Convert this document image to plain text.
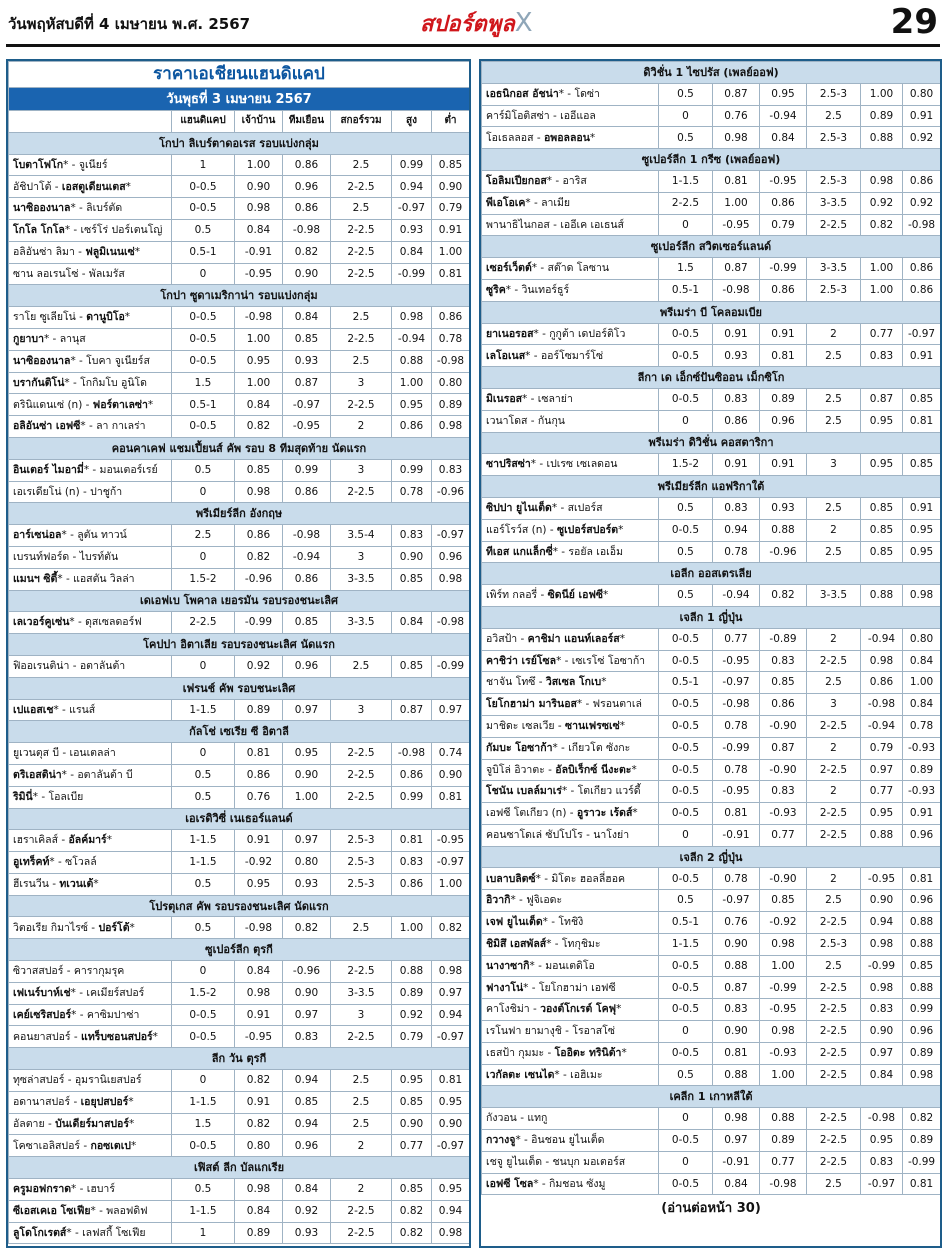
วันพฤหัสบดีที่ 4 เมษายน พ.ศ. 2567	สปอร์ตพูลX	29
ราคาเอเชียนแฮนดิแคป						
วันพุธที่ 3 เมษายน 2567						
	แฮนดิแคป	เจ้าบ้าน	ทีมเยือน	สกอร์รวม	สูง	ต่ำ
โกปา ลิเบร์ตาดอเรส รอบแบ่งกลุ่ม						
โบตาโฟโก* - จูเนียร์	1	1.00	0.86	2.5	0.99	0.85
อัชิปาโต้ - เอสตูเดียนเตส*	0-0.5	0.90	0.96	2-2.5	0.94	0.90
นาซิอองนาล* - ลิเบร์ตัด	0-0.5	0.98	0.86	2.5	-0.97	0.79
โกโล โกโล* - เซร์โร่ ปอร์เตนโญ่	0.5	0.84	-0.98	2-2.5	0.93	0.91
อลิอันซ่า ลิมา - ฟลูมิเนนเซ่*	0.5-1	-0.91	0.82	2-2.5	0.84	1.00
ซาน ลอเรนโซ่ - พัลเมรัส	0	-0.95	0.90	2-2.5	-0.99	0.81
โกปา ซูดาเมริกาน่า รอบแบ่งกลุ่ม						
ราโย ซูเลียโน่ - ดานูบิโอ*	0-0.5	-0.98	0.84	2.5	0.98	0.86
กูยาบา* - ลานุส	0-0.5	1.00	0.85	2-2.5	-0.94	0.78
นาซิอองนาล* - โบคา จูเนียร์ส	0-0.5	0.95	0.93	2.5	0.88	-0.98
บรากันติโน่* - โกกิมโบ อูนิโด	1.5	1.00	0.87	3	1.00	0.80
ตรินิแดนเซ่ (n) - ฟอร์ตาเลซ่า*	0.5-1	0.84	-0.97	2-2.5	0.95	0.89
อลิอันซ่า เอฟซี* - ลา กาเลร่า	0-0.5	0.82	-0.95	2	0.86	0.98
คอนคาเคฟ แชมเปี้ยนส์ คัพ รอบ 8 ทีมสุดท้าย นัดแรก						
อินเตอร์ ไมอามี่* - มอนเตอร์เรย์	0.5	0.85	0.99	3	0.99	0.83
เอเรเดียโน่ (n) - ปาชูก้า	0	0.98	0.86	2-2.5	0.78	-0.96
พรีเมียร์ลีก อังกฤษ						
อาร์เซน่อล* - ลูตัน ทาวน์	2.5	0.86	-0.98	3.5-4	0.83	-0.97
เบรนท์ฟอร์ด - ไบรท์ตัน	0	0.82	-0.94	3	0.90	0.96
แมนฯ ซิตี้* - แอสตัน วิลล่า	1.5-2	-0.96	0.86	3-3.5	0.85	0.98
เดเอฟเบ โพคาล เยอรมัน รอบรองชนะเลิศ						
เลเวอร์คูเซ่น* - ดุสเซลดอร์ฟ	2-2.5	-0.99	0.85	3-3.5	0.84	-0.98
โคปปา อิตาเลีย รอบรองชนะเลิศ นัดแรก						
ฟิออเรนติน่า - อตาลันต้า	0	0.92	0.96	2.5	0.85	-0.99
เฟรนช์ คัพ รอบชนะเลิศ						
เปแอสเช* - แรนส์	1-1.5	0.89	0.97	3	0.87	0.97
กัลโช่ เซเรีย ซี อิตาลี						
ยูเวนตุส บี - เอนเตลล่า	0	0.81	0.95	2-2.5	-0.98	0.74
ตริเอสติน่า* - อตาลันต้า บี	0.5	0.86	0.90	2-2.5	0.86	0.90
ริมินี่* - โอลเบีย	0.5	0.76	1.00	2-2.5	0.99	0.81
เอเรดิวิซี่ เนเธอร์แลนด์						
เฮราเคิลส์ - อัลค์มาร์*	1-1.5	0.91	0.97	2.5-3	0.81	-0.95
อูเทร็คท์* - ซโวลล์	1-1.5	-0.92	0.80	2.5-3	0.83	-0.97
ฮีเรนวีน - ทเวนเต้*	0.5	0.95	0.93	2.5-3	0.86	1.00
โปรตุเกส คัพ รอบรองชนะเลิศ นัดแรก						
วิตอเรีย กิมาไรซ์ - ปอร์โต้*	0.5	-0.98	0.82	2.5	1.00	0.82
ซูเปอร์ลีก ตุรกี						
ซิวาสสปอร์ - คารากุมรุค	0	0.84	-0.96	2-2.5	0.88	0.98
เฟเนร์บาห์เช่* - เคเมียร์สปอร์	1.5-2	0.98	0.90	3-3.5	0.89	0.97
เคย์เซริสปอร์* - คาซิมปาซ่า	0-0.5	0.91	0.97	3	0.92	0.94
คอนยาสปอร์ - แทร็บซอนสปอร์*	0-0.5	-0.95	0.83	2-2.5	0.79	-0.97
ลีก วัน ตุรกี						
ทุซล่าสปอร์ - อุมรานิเยสปอร์	0	0.82	0.94	2.5	0.95	0.81
อดานาสปอร์ - เอยุปสปอร์*	1-1.5	0.91	0.85	2.5	0.85	0.95
อัลตาย - บันเดียร์มาสปอร์*	1.5	0.82	0.94	2.5	0.90	0.90
โคซาเอลิสปอร์ - กอซเตเป*	0-0.5	0.80	0.96	2	0.77	-0.97
เฟิสต์ ลีก บัลแกเรีย						
ครูมอฟกราด* - เฮบาร์	0.5	0.98	0.84	2	0.85	0.95
ซีเอสเคเอ โซเฟีย* - พลอฟดิฟ	1-1.5	0.84	0.92	2-2.5	0.82	0.94
ลูโดโกเรตส์* - เลฟสกี้ โซเฟีย	1	0.89	0.93	2-2.5	0.82	0.98
ดิวิชั่น 1 ไซปรัส (เพลย์ออฟ)						
เอธนิกอส อัชน่า* - โดซ่า	0.5	0.87	0.95	2.5-3	1.00	0.80
คาร์มิโอติสซ่า - เออีแอล	0	0.76	-0.94	2.5	0.89	0.91
โอเธลลอส - อพอลลอน*	0.5	0.98	0.84	2.5-3	0.88	0.92
ซูเปอร์ลีก 1 กรีซ (เพลย์ออฟ)						
โอลิมเปียกอส* - อาริส	1-1.5	0.81	-0.95	2.5-3	0.98	0.86
พีเอโอเค* - ลาเมีย	2-2.5	1.00	0.86	3-3.5	0.92	0.92
พานาธิไนกอส - เออีเค เอเธนส์	0	-0.95	0.79	2-2.5	0.82	-0.98
ซูเปอร์ลีก สวิตเซอร์แลนด์						
เซอร์เว็ตต์* - สต๊าด โลซาน	1.5	0.87	-0.99	3-3.5	1.00	0.86
ซูริค* - วินเทอร์ธูร์	0.5-1	-0.98	0.86	2.5-3	1.00	0.86
พรีเมร่า บี โคลอมเบีย						
ยาเนอรอส* - กูกูต้า เดปอร์ติโว	0-0.5	0.91	0.91	2	0.77	-0.97
เลโอเนส* - ออร์โซมาร์โซ่	0-0.5	0.93	0.81	2.5	0.83	0.91
ลีกา เด เอ็กซ์ปันซิออน เม็กซิโก						
มิเนรอส* - เซลาย่า	0-0.5	0.83	0.89	2.5	0.87	0.85
เวนาโดส - กันกุน	0	0.86	0.96	2.5	0.95	0.81
พรีเมร่า ดิวิชั่น คอสตาริกา						
ซาปริสซ่า* - เปเรซ เซเลดอน	1.5-2	0.91	0.91	3	0.95	0.85
พรีเมียร์ลีก แอฟริกาใต้						
ซิปปา ยูไนเต็ด* - สเปอร์ส	0.5	0.83	0.93	2.5	0.85	0.91
แอร์โรว์ส (n) - ซูเปอร์สปอร์ต*	0-0.5	0.94	0.88	2	0.85	0.95
ทีเอส แกแล็กซี่* - รอยัล เอเอ็ม	0.5	0.78	-0.96	2.5	0.85	0.95
เอลีก ออสเตรเลีย						
เพิร์ท กลอรี่ - ซิดนีย์ เอฟซี*	0.5	-0.94	0.82	3-3.5	0.88	0.98
เจลีก 1 ญี่ปุ่น						
อวิสป้า - คาชิม่า แอนท์เลอร์ส*	0-0.5	0.77	-0.89	2	-0.94	0.80
คาชิว่า เรย์โซล* - เซเรโซ่ โอซาก้า	0-0.5	-0.95	0.83	2-2.5	0.98	0.84
ชาจัน โทซึ - วิสเซล โกเบ*	0.5-1	-0.97	0.85	2.5	0.86	1.00
โยโกฮาม่า มารินอส* - ฟรอนตาเล่	0-0.5	-0.98	0.86	3	-0.98	0.84
มาชิดะ เซลเวีย - ซานเฟรซเซ่*	0-0.5	0.78	-0.90	2-2.5	-0.94	0.78
กัมบะ โอซาก้า* - เกียวโต ซังกะ	0-0.5	-0.99	0.87	2	0.79	-0.93
จูบิโล่ อิวาตะ - อัลบิเร็กซ์ นีงะตะ*	0-0.5	0.78	-0.90	2-2.5	0.97	0.89
โชนัน เบลล์มาเร่* - โตเกียว แวร์ดี้	0-0.5	-0.95	0.83	2	0.77	-0.93
เอฟซี โตเกียว (n) - อูราวะ เร้ดส์*	0-0.5	0.81	-0.93	2-2.5	0.95	0.91
คอนซาโดเล่ ซัปโปโร - นาโงย่า	0	-0.91	0.77	2-2.5	0.88	0.96
เจลีก 2 ญี่ปุ่น						
เบลาบลิตซ์* - มิโตะ ฮอลลี่ฮอค	0-0.5	0.78	-0.90	2	-0.95	0.81
อิวากิ* - ฟูจิเอดะ	0.5	-0.97	0.85	2.5	0.90	0.96
เจฟ ยูไนเต็ด* - โทชิงิ	0.5-1	0.76	-0.92	2-2.5	0.94	0.88
ชิมิสึ เอสพัลส์* - โทกุชิมะ	1-1.5	0.90	0.98	2.5-3	0.98	0.88
นางาซากิ* - มอนเตดิโอ	0-0.5	0.88	1.00	2.5	-0.99	0.85
ฟางาโน่* - โยโกฮาม่า เอฟซี	0-0.5	0.87	-0.99	2-2.5	0.98	0.88
คาโงชิม่า - วองต์โกเรต์ โคฟุ*	0-0.5	0.83	-0.95	2-2.5	0.83	0.99
เรโนฟา ยามางุชิ - โรอาสโซ่	0	0.90	0.98	2-2.5	0.90	0.96
เธสป้า กุมมะ - โออิตะ ทรินิต้า*	0-0.5	0.81	-0.93	2-2.5	0.97	0.89
เวกัลตะ เซนได* - เอฮิเมะ	0.5	0.88	1.00	2-2.5	0.84	0.98
เคลีก 1 เกาหลีใต้						
กังวอน - แทกู	0	0.98	0.88	2-2.5	-0.98	0.82
กวางจู* - อินชอน ยูไนเต็ด	0-0.5	0.97	0.89	2-2.5	0.95	0.89
เชจู ยูไนเต็ด - ชนบุก มอเตอร์ส	0	-0.91	0.77	2-2.5	0.83	-0.99
เอฟซี โซล* - กิมชอน ซังมู	0-0.5	0.84	-0.98	2.5	-0.97	0.81
(อ่านต่อหน้า 30)						
